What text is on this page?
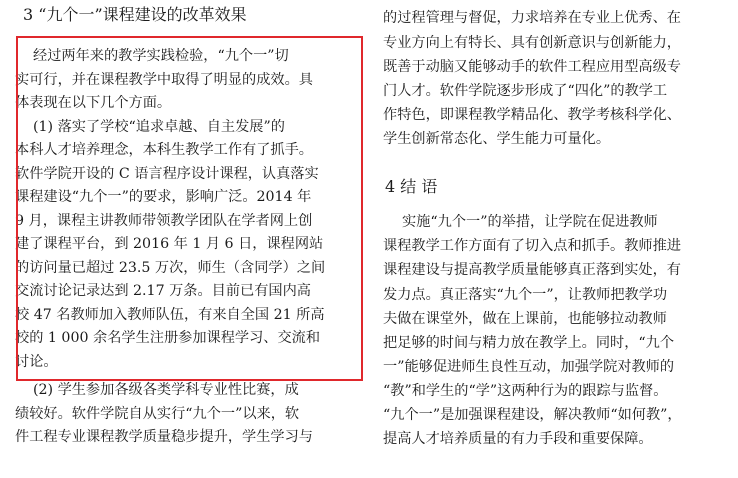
3 “九个一”课程建设的改革效果
经过两年来的教学实践检验，“九个一”切
实可行，并在课程教学中取得了明显的成效。具
体表现在以下几个方面。
(1) 落实了学校“追求卓越、自主发展”的
本科人才培养理念，本科生教学工作有了抓手。
软件学院开设的 C 语言程序设计课程，认真落实
课程建设“九个一”的要求，影响广泛。2014 年
9 月，课程主讲教师带领教学团队在学者网上创
建了课程平台，到 2016 年 1 月 6 日，课程网站
的访问量已超过 23.5 万次，师生（含同学）之间
交流讨论记录达到 2.17 万条。目前已有国内高
校 47 名教师加入教师队伍，有来自全国 21 所高
校的 1 000 余名学生注册参加课程学习、交流和
讨论。
(2) 学生参加各级各类学科专业性比赛，成
绩较好。软件学院自从实行“九个一”以来，软
件工程专业课程教学质量稳步提升，学生学习与
的过程管理与督促，力求培养在专业上优秀、在
专业方向上有特长、具有创新意识与创新能力，
既善于动脑又能够动手的软件工程应用型高级专
门人才。软件学院逐步形成了“四化”的教学工
作特色，即课程教学精品化、教学考核科学化、
学生创新常态化、学生能力可量化。
4 结 语
实施“九个一”的举措，让学院在促进教师
课程教学工作方面有了切入点和抓手。教师推进
课程建设与提高教学质量能够真正落到实处，有
发力点。真正落实“九个一”，让教师把教学功
夫做在课堂外，做在上课前，也能够拉动教师
把足够的时间与精力放在教学上。同时，“九个
一”能够促进师生良性互动，加强学院对教师的
“教”和学生的“学”这两种行为的跟踪与监督。
“九个一”是加强课程建设，解决教师“如何教”，
提高人才培养质量的有力手段和重要保障。
